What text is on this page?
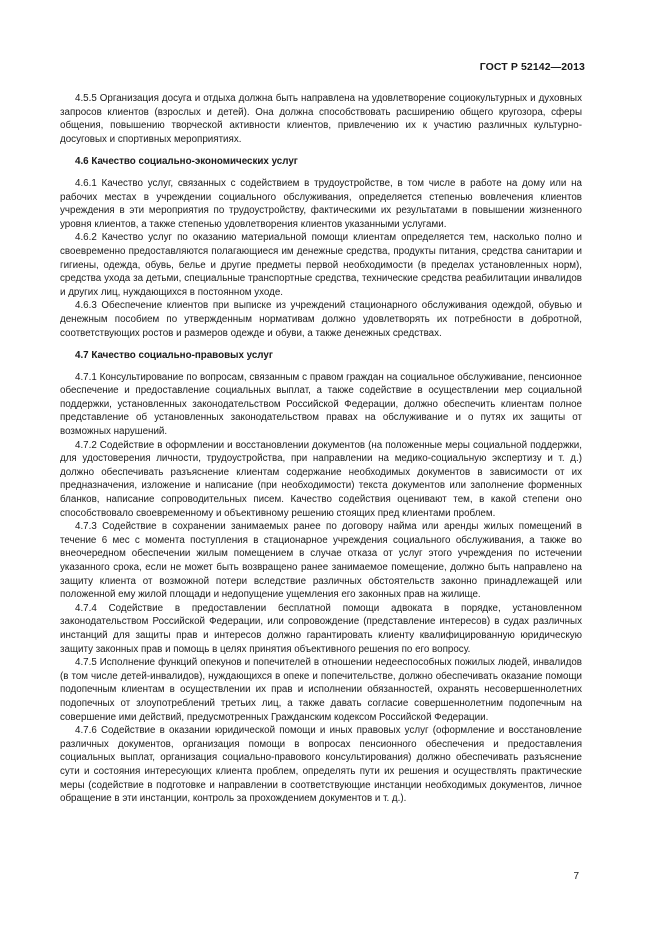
ГОСТ Р 52142—2013

4.5.5 Организация досуга и отдыха должна быть направлена на удовлетворение социокультурных и духовных запросов клиентов (взрослых и детей). Она должна способствовать расширению общего кругозора, сферы общения, повышению творческой активности клиентов, привлечению их к участию различных культурно-досуговых и спортивных мероприятиях.

4.6 Качество социально-экономических услуг

4.6.1 Качество услуг, связанных с содействием в трудоустройстве, в том числе в работе на дому или на рабочих местах в учреждении социального обслуживания, определяется степенью вовлечения клиентов учреждения в эти мероприятия по трудоустройству, фактическими их результатами в повышении жизненного уровня клиентов, а также степенью удовлетворения клиентов указанными услугами.

4.6.2 Качество услуг по оказанию материальной помощи клиентам определяется тем, насколько полно и своевременно предоставляются полагающиеся им денежные средства, продукты питания, средства санитарии и гигиены, одежда, обувь, белье и другие предметы первой необходимости (в пределах установленных норм), средства ухода за детьми, специальные транспортные средства, технические средства реабилитации инвалидов и других лиц, нуждающихся в постоянном уходе.

4.6.3 Обеспечение клиентов при выписке из учреждений стационарного обслуживания одеждой, обувью и денежным пособием по утвержденным нормативам должно удовлетворять их потребности в добротной, соответствующих ростов и размеров одежде и обуви, а также денежных средствах.

4.7 Качество социально-правовых услуг

4.7.1 Консультирование по вопросам, связанным с правом граждан на социальное обслуживание, пенсионное обеспечение и предоставление социальных выплат, а также содействие в осуществлении мер социальной поддержки, установленных законодательством Российской Федерации, должно обеспечить клиентам полное представление об установленных законодательством правах на обслуживание и о путях их защиты от возможных нарушений.

4.7.2 Содействие в оформлении и восстановлении документов (на положенные меры социальной поддержки, для удостоверения личности, трудоустройства, при направлении на медико-социальную экспертизу и т. д.) должно обеспечивать разъяснение клиентам содержание необходимых документов в зависимости от их предназначения, изложение и написание (при необходимости) текста документов или заполнение форменных бланков, написание сопроводительных писем. Качество содействия оценивают тем, в какой степени оно способствовало своевременному и объективному решению стоящих пред клиентами проблем.

4.7.3 Содействие в сохранении занимаемых ранее по договору найма или аренды жилых помещений в течение 6 мес с момента поступления в стационарное учреждения социального обслуживания, а также во внеочередном обеспечении жилым помещением в случае отказа от услуг этого учреждения по истечении указанного срока, если не может быть возвращено ранее занимаемое помещение, должно быть направлено на защиту клиента от возможной потери вследствие различных обстоятельств законно принадлежащей или положенной ему жилой площади и недопущение ущемления его законных прав на жилище.

4.7.4 Содействие в предоставлении бесплатной помощи адвоката в порядке, установленном законодательством Российской Федерации, или сопровождение (представление интересов) в судах различных инстанций для защиты прав и интересов должно гарантировать клиенту квалифицированную юридическую защиту законных прав и помощь в целях принятия объективного решения по его вопросу.

4.7.5 Исполнение функций опекунов и попечителей в отношении недееспособных пожилых людей, инвалидов (в том числе детей-инвалидов), нуждающихся в опеке и попечительстве, должно обеспечивать оказание помощи подопечным клиентам в осуществлении их прав и исполнении обязанностей, охранять несовершеннолетних подопечных от злоупотреблений третьих лиц, а также давать согласие совершеннолетним подопечным на совершение ими действий, предусмотренных Гражданским кодексом Российской Федерации.

4.7.6 Содействие в оказании юридической помощи и иных правовых услуг (оформление и восстановление различных документов, организация помощи в вопросах пенсионного обеспечения и предоставления социальных выплат, организация социально-правового консультирования) должно обеспечивать разъяснение сути и состояния интересующих клиента проблем, определять пути их решения и осуществлять практические меры (содействие в подготовке и направлении в соответствующие инстанции необходимых документов, личное обращение в эти инстанции, контроль за прохождением документов и т. д.).

7
